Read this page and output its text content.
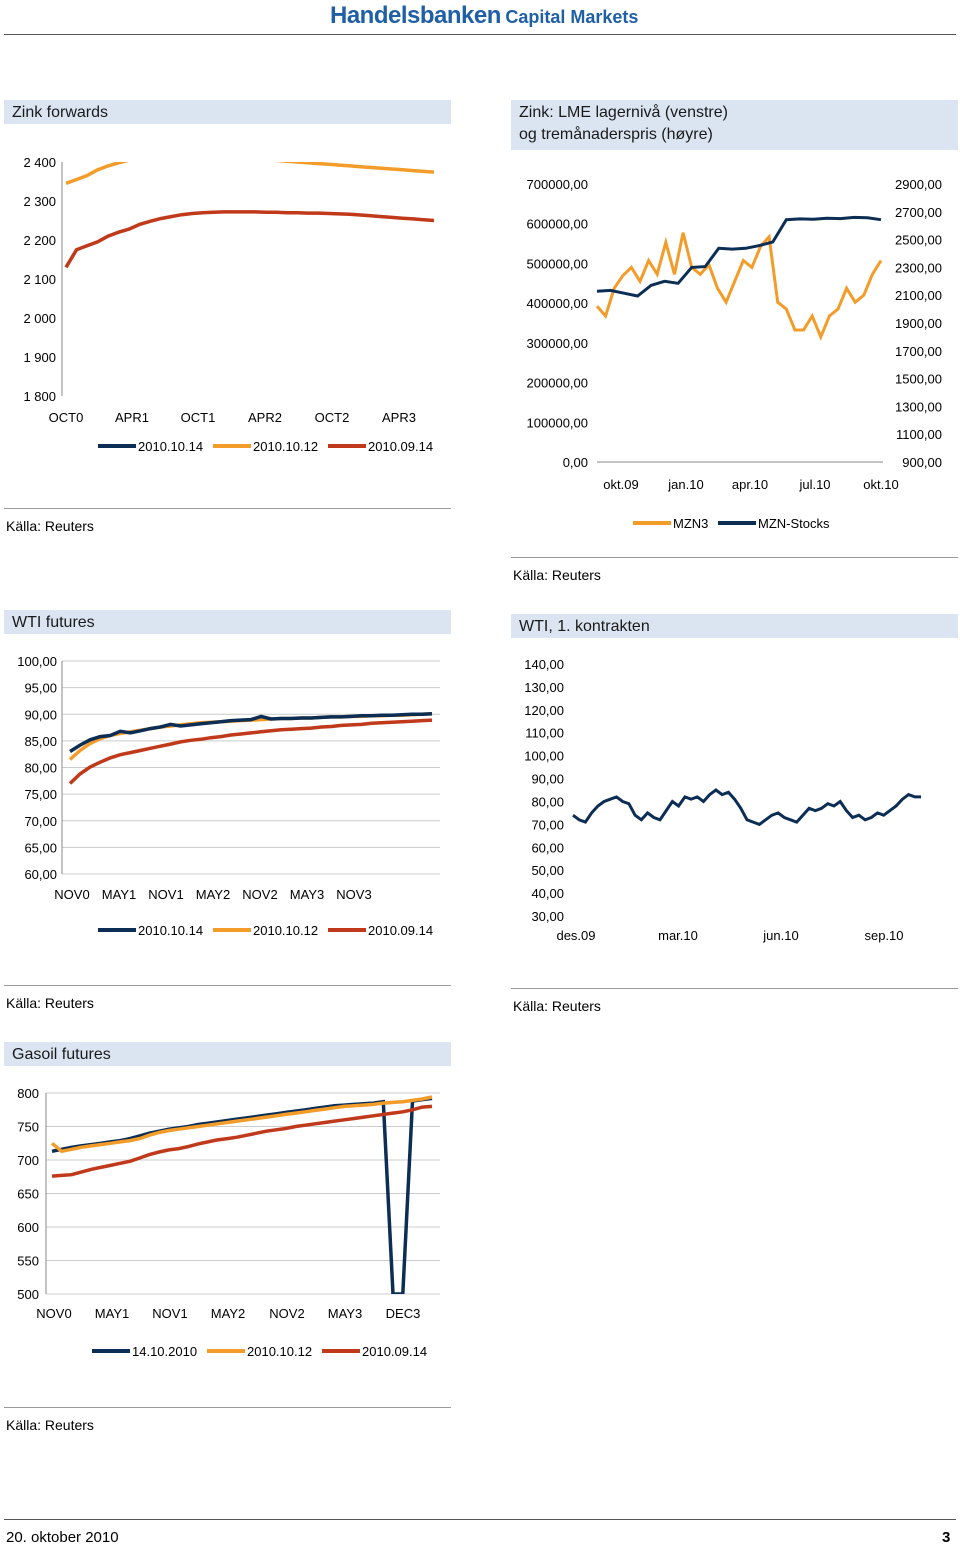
Handelsbanken Capital Markets
Zink forwards
2 400
2 300
2 200
2 100
2 000
1 900
1 800
OCT0 APR1 OCT1	APR2	OCT2	APR3
2010.10.14	2010.10.12	2010.09.14
Källa: Reuters
Zink: LME lagernivå (venstre)
og tremånaderspris (høyre)
700000,00
600000,00
500000,00
400000,00
300000,00
200000,00
100000,00
0,00
2900,00
2700,00
2500,00
2300,00
2100,00
1900,00
1700,00
1500,00
1300,00
1100,00
900,00
okt.09 jan.10 apr.10 jul.10	okt.10
MZN3	MZN-Stocks
Källa: Reuters
WTI futures
100,00
95,00
90,00
85,00
80,00
75,00
70,00
65,00
60,00
NOV0 MAY1 NOV1 MAY2 NOV2 MAY3 NOV3
2010.10.14	2010.10.12	2010.09.14
Källa: Reuters
WTI, 1. kontrakten
140,00
130,00
120,00
110,00
100,00
90,00
80,00
70,00
60,00
50,00
40,00
30,00
des.09	mar.10	jun.10	sep.10
Källa: Reuters
Gasoil futures
800
750
700
650
600
550
500
NOV0 MAY1 NOV1 MAY2 NOV2 MAY3 DEC3
14.10.2010	2010.10.12	2010.09.14
Källa: Reuters
20. oktober 2010	3
